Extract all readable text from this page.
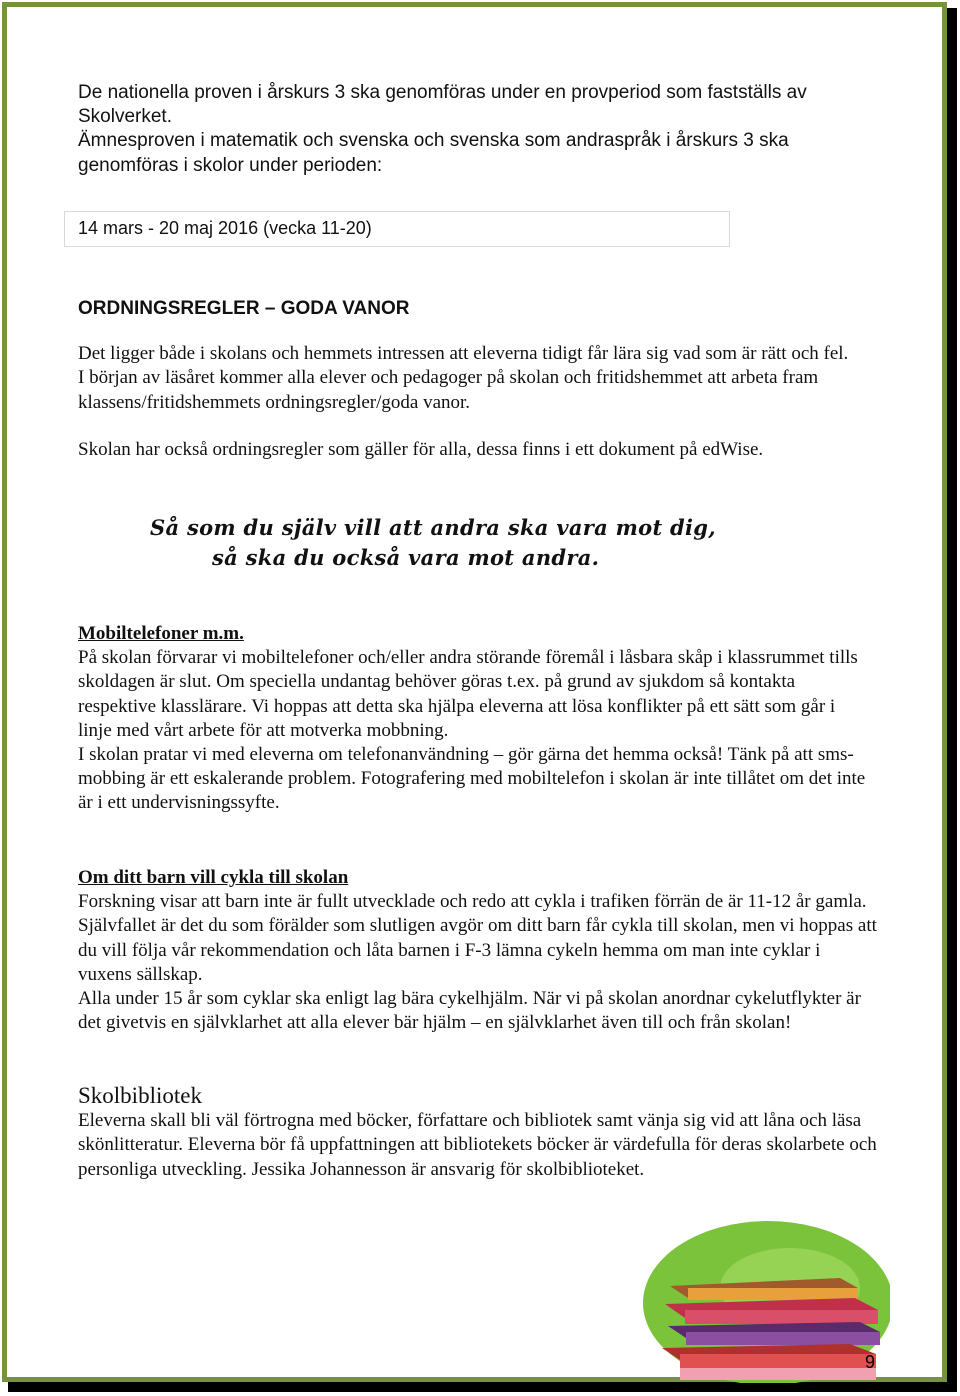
De nationella proven i årskurs 3 ska genomföras under en provperiod som fastställs av Skolverket.

Ämnesproven i matematik och svenska och svenska som andraspråk i årskurs 3 ska genomföras i skolor under perioden:

14 mars - 20 maj 2016 (vecka 11-20)

ORDNINGSREGLER – GODA VANOR

Det ligger både i skolans och hemmets intressen att eleverna tidigt får lära sig vad som är rätt och fel.

I början av läsåret kommer alla elever och pedagoger på skolan och fritidshemmet att arbeta fram klassens/fritidshemmets ordningsregler/goda vanor.

Skolan har också ordningsregler som gäller för alla, dessa finns i ett dokument på edWise.

Så som du själv vill att andra ska vara mot dig,
så ska du också vara mot andra.

Mobiltelefoner m.m.

På skolan förvarar vi mobiltelefoner och/eller andra störande föremål i låsbara skåp i klassrummet tills skoldagen är slut. Om speciella undantag behöver göras t.ex. på grund av sjukdom så kontakta respektive klasslärare. Vi hoppas att detta ska hjälpa eleverna att lösa konflikter på ett sätt som går i linje med vårt arbete för att motverka mobbning.

I skolan pratar vi med eleverna om telefonanvändning – gör gärna det hemma också! Tänk på att sms-mobbing är ett eskalerande problem. Fotografering med mobiltelefon i skolan är inte tillåtet om det inte är i ett undervisningssyfte.

Om ditt barn vill cykla till skolan

Forskning visar att barn inte är fullt utvecklade och redo att cykla i trafiken förrän de är 11-12 år gamla. Självfallet är det du som förälder som slutligen avgör om ditt barn får cykla till skolan, men vi hoppas att du vill följa vår rekommendation och låta barnen i F-3 lämna cykeln hemma om man inte cyklar i vuxens sällskap.

Alla under 15 år som cyklar ska enligt lag bära cykelhjälm. När vi på skolan anordnar cykelutflykter är det givetvis en självklarhet att alla elever bär hjälm – en självklarhet även till och från skolan!

Skolbibliotek

Eleverna skall bli väl förtrogna med böcker, författare och bibliotek samt vänja sig vid att låna och läsa skönlitteratur. Eleverna bör få uppfattningen att bibliotekets böcker är värdefulla för deras skolarbete och personliga utveckling. Jessika Johannesson är ansvarig för skolbiblioteket.

9
